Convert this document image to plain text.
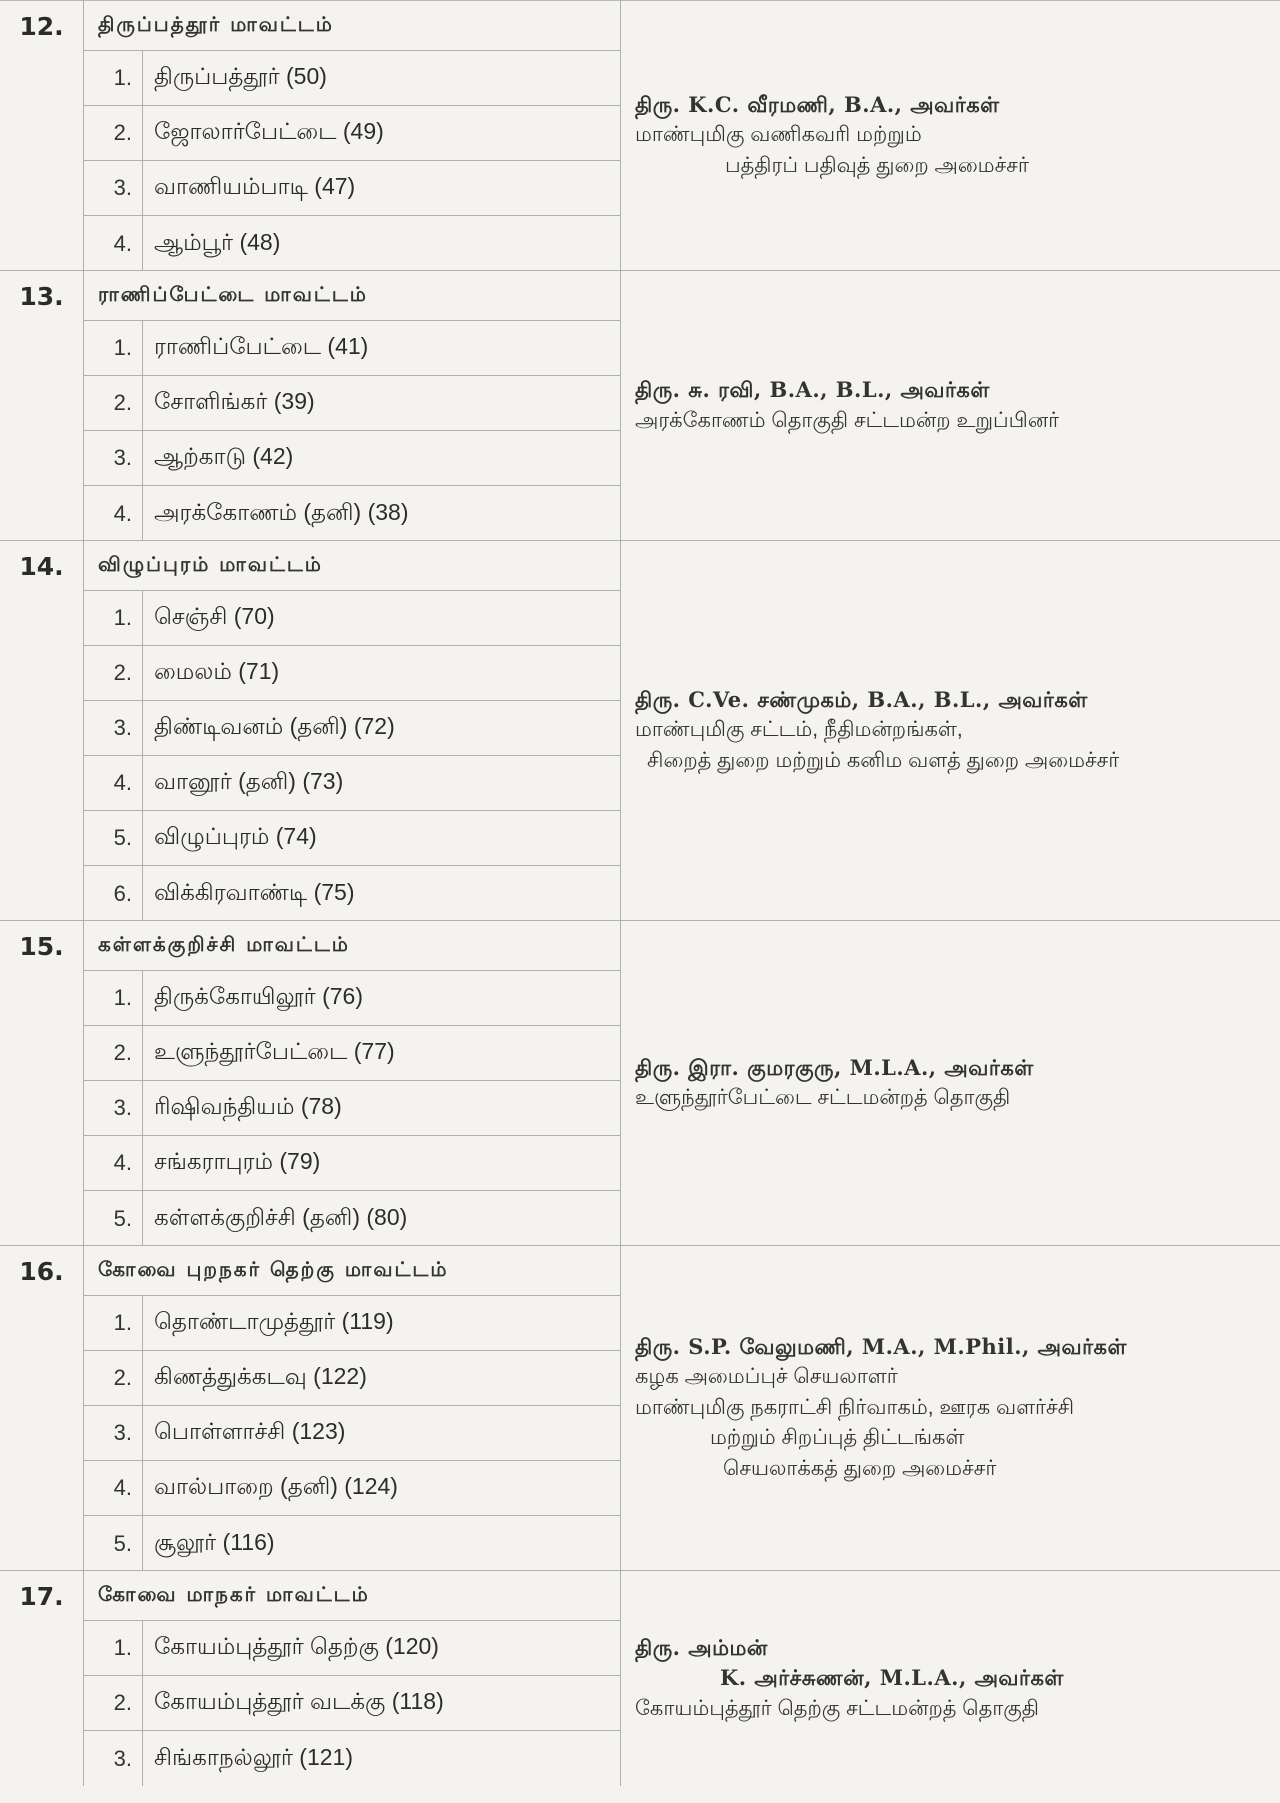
12.	திருப்பத்தூர் மாவட்டம்
1. திருப்பத்தூர் (50)
2. ஜோலார்பேட்டை (49)
3. வாணியம்பாடி (47)
4. ஆம்பூர் (48)
திரு. K.C. வீரமணி, B.A., அவர்கள்
மாண்புமிகு வணிகவரி மற்றும்
பத்திரப் பதிவுத் துறை அமைச்சர்
13.	ராணிப்பேட்டை மாவட்டம்
1. ராணிப்பேட்டை (41)
2. சோளிங்கர் (39)
3. ஆற்காடு (42)
4. அரக்கோணம் (தனி) (38)
திரு. சு. ரவி, B.A., B.L., அவர்கள்
அரக்கோணம் தொகுதி சட்டமன்ற உறுப்பினர்
14.	விழுப்புரம் மாவட்டம்
1. செஞ்சி (70)
2. மைலம் (71)
3. திண்டிவனம் (தனி) (72)
4. வானூர் (தனி) (73)
5. விழுப்புரம் (74)
6. விக்கிரவாண்டி (75)
திரு. C.Ve. சண்முகம், B.A., B.L., அவர்கள்
மாண்புமிகு சட்டம், நீதிமன்றங்கள்,
சிறைத் துறை மற்றும் கனிம வளத் துறை அமைச்சர்
15.	கள்ளக்குறிச்சி மாவட்டம்
1. திருக்கோயிலூர் (76)
2. உளுந்தூர்பேட்டை (77)
3. ரிஷிவந்தியம் (78)
4. சங்கராபுரம் (79)
5. கள்ளக்குறிச்சி (தனி) (80)
திரு. இரா. குமரகுரு, M.L.A., அவர்கள்
உளுந்தூர்பேட்டை சட்டமன்றத் தொகுதி
16.	கோவை புறநகர் தெற்கு மாவட்டம்
1. தொண்டாமுத்தூர் (119)
2. கிணத்துக்கடவு (122)
3. பொள்ளாச்சி (123)
4. வால்பாறை (தனி) (124)
5. சூலூர் (116)
திரு. S.P. வேலுமணி, M.A., M.Phil., அவர்கள்
கழக அமைப்புச் செயலாளர்
மாண்புமிகு நகராட்சி நிர்வாகம், ஊரக வளர்ச்சி
மற்றும் சிறப்புத் திட்டங்கள்
செயலாக்கத் துறை அமைச்சர்
17.	கோவை மாநகர் மாவட்டம்
1. கோயம்புத்தூர் தெற்கு (120)
2. கோயம்புத்தூர் வடக்கு (118)
3. சிங்காநல்லூர் (121)
திரு. அம்மன்
K. அர்ச்சுணன், M.L.A., அவர்கள்
கோயம்புத்தூர் தெற்கு சட்டமன்றத் தொகுதி
